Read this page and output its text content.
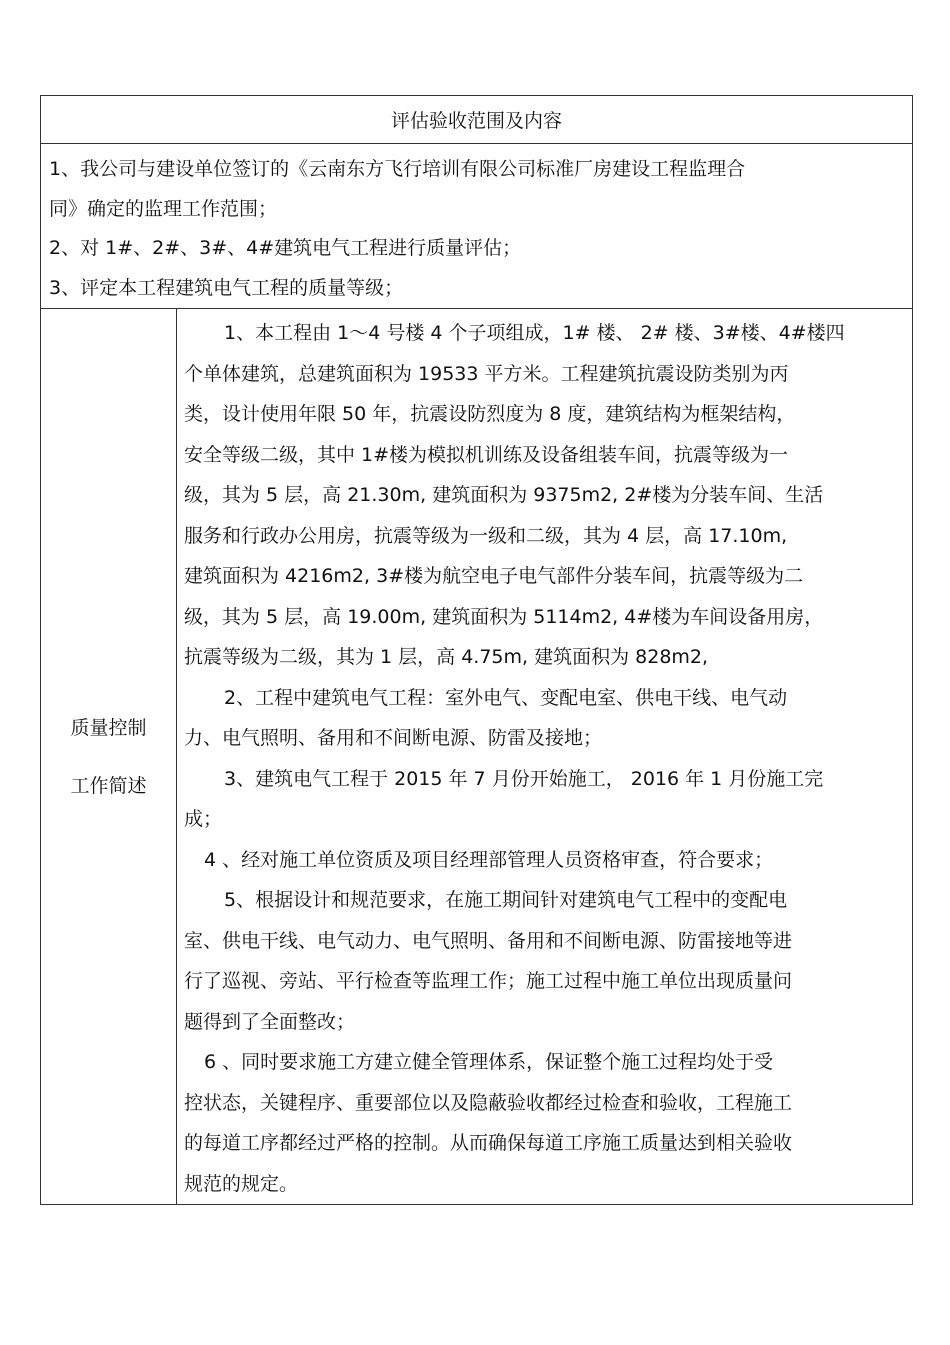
评估验收范围及内容

1、我公司与建设单位签订的《云南东方飞行培训有限公司标准厂房建设工程监理合
同》确定的监理工作范围；
2、对 1#、2#、3#、4#建筑电气工程进行质量评估；
3、评定本工程建筑电气工程的质量等级；

质量控制
工作简述

1、本工程由 1～4 号楼 4 个子项组成，1# 楼、 2# 楼、3#楼、4#楼四
个单体建筑，总建筑面积为 19533 平方米。工程建筑抗震设防类别为丙
类，设计使用年限 50 年，抗震设防烈度为 8 度，建筑结构为框架结构，
安全等级二级，其中 1#楼为模拟机训练及设备组装车间，抗震等级为一
级，其为 5 层，高 21.30m, 建筑面积为 9375m2, 2#楼为分装车间、生活
服务和行政办公用房，抗震等级为一级和二级，其为 4 层，高 17.10m,
建筑面积为 4216m2, 3#楼为航空电子电气部件分装车间，抗震等级为二
级，其为 5 层，高 19.00m, 建筑面积为 5114m2, 4#楼为车间设备用房，
抗震等级为二级，其为 1 层，高 4.75m, 建筑面积为 828m2,
2、工程中建筑电气工程：室外电气、变配电室、供电干线、电气动
力、电气照明、备用和不间断电源、防雷及接地；
3、建筑电气工程于 2015 年 7 月份开始施工， 2016 年 1 月份施工完
成；
4 、经对施工单位资质及项目经理部管理人员资格审查，符合要求；
5、根据设计和规范要求，在施工期间针对建筑电气工程中的变配电
室、供电干线、电气动力、电气照明、备用和不间断电源、防雷接地等进
行了巡视、旁站、平行检查等监理工作；施工过程中施工单位出现质量问
题得到了全面整改；
6 、同时要求施工方建立健全管理体系，保证整个施工过程均处于受
控状态，关键程序、重要部位以及隐蔽验收都经过检查和验收，工程施工
的每道工序都经过严格的控制。从而确保每道工序施工质量达到相关验收
规范的规定。
